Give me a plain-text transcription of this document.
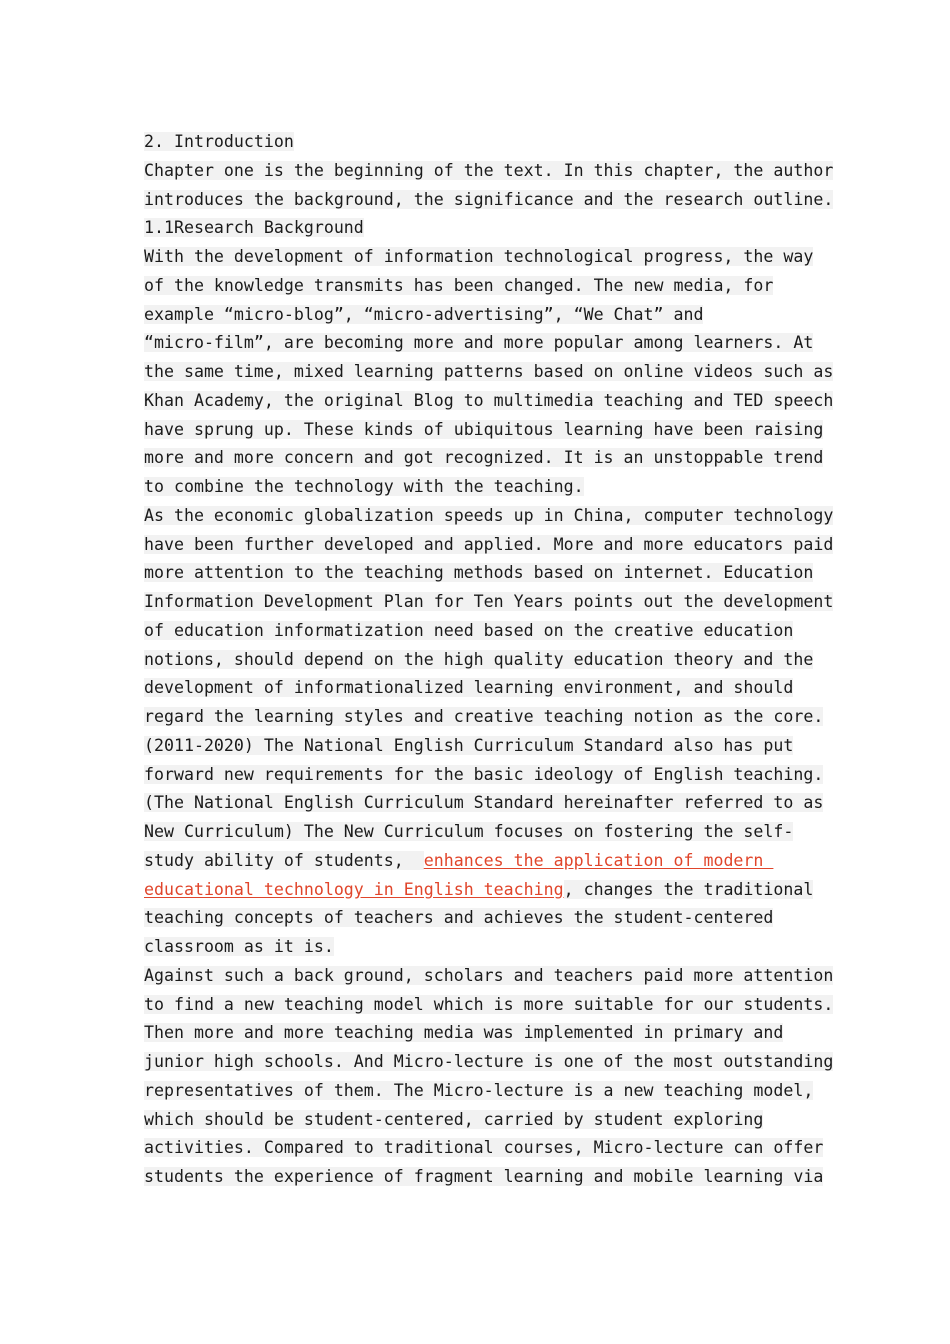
2. Introduction
Chapter one is the beginning of the text. In this chapter, the author
introduces the background, the significance and the research outline.
1.1Research Background
With the development of information technological progress, the way
of the knowledge transmits has been changed. The new media, for
example “micro-blog”, “micro-advertising”, “We Chat” and
“micro-film”, are becoming more and more popular among learners. At
the same time, mixed learning patterns based on online videos such as
Khan Academy, the original Blog to multimedia teaching and TED speech
have sprung up. These kinds of ubiquitous learning have been raising
more and more concern and got recognized. It is an unstoppable trend
to combine the technology with the teaching.
As the economic globalization speeds up in China, computer technology
have been further developed and applied. More and more educators paid
more attention to the teaching methods based on internet. Education
Information Development Plan for Ten Years points out the development
of education informatization need based on the creative education
notions, should depend on the high quality education theory and the
development of informationalized learning environment, and should
regard the learning styles and creative teaching notion as the core.
(2011-2020) The National English Curriculum Standard also has put
forward new requirements for the basic ideology of English teaching.
(The National English Curriculum Standard hereinafter referred to as
New Curriculum) The New Curriculum focuses on fostering the self-
study ability of students,  enhances the application of modern
educational technology in English teaching, changes the traditional
teaching concepts of teachers and achieves the student-centered
classroom as it is.
Against such a back ground, scholars and teachers paid more attention
to find a new teaching model which is more suitable for our students.
Then more and more teaching media was implemented in primary and
junior high schools. And Micro-lecture is one of the most outstanding
representatives of them. The Micro-lecture is a new teaching model,
which should be student-centered, carried by student exploring
activities. Compared to traditional courses, Micro-lecture can offer
students the experience of fragment learning and mobile learning via
